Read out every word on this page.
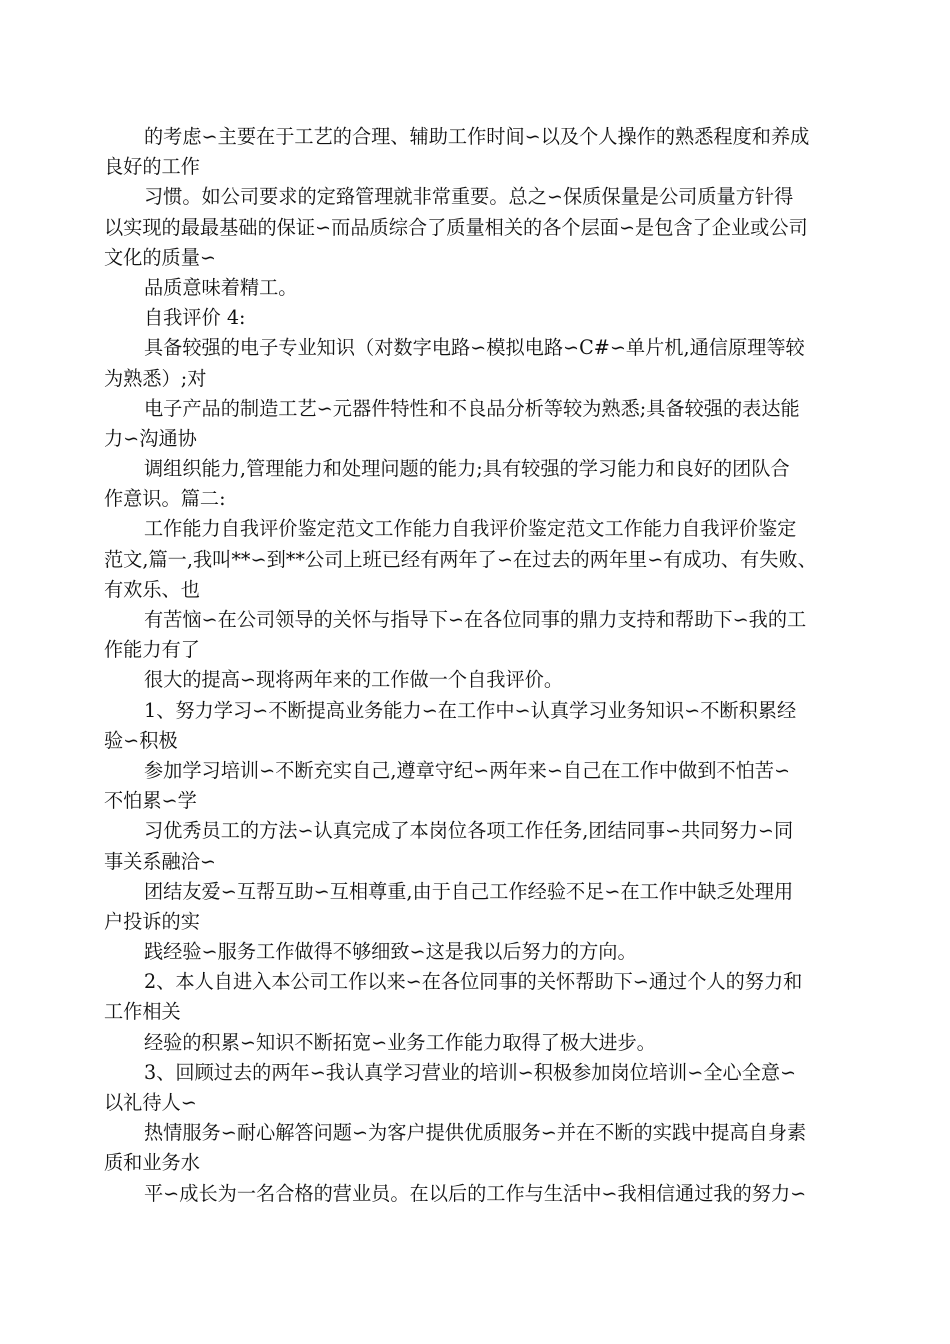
的考虑∽主要在于工艺的合理、辅助工作时间∽以及个人操作的熟悉程度和养成
良好的工作

习惯。如公司要求的定臵管理就非常重要。总之∽保质保量是公司质量方针得
以实现的最最基础的保证∽而品质综合了质量相关的各个层面∽是包含了企业或公司
文化的质量∽

品质意味着精工。

自我评价 4:

具备较强的电子专业知识（对数字电路∽模拟电路∽C#∽单片机,通信原理等较
为熟悉）;对

电子产品的制造工艺∽元器件特性和不良品分析等较为熟悉;具备较强的表达能
力∽沟通协

调组织能力,管理能力和处理问题的能力;具有较强的学习能力和良好的团队合
作意识。篇二:

工作能力自我评价鉴定范文工作能力自我评价鉴定范文工作能力自我评价鉴定
范文,篇一,我叫**∽到**公司上班已经有两年了∽在过去的两年里∽有成功、有失败、
有欢乐、也

有苦恼∽在公司领导的关怀与指导下∽在各位同事的鼎力支持和帮助下∽我的工
作能力有了

很大的提高∽现将两年来的工作做一个自我评价。

1、努力学习∽不断提高业务能力∽在工作中∽认真学习业务知识∽不断积累经
验∽积极

参加学习培训∽不断充实自己,遵章守纪∽两年来∽自己在工作中做到不怕苦∽
不怕累∽学

习优秀员工的方法∽认真完成了本岗位各项工作任务,团结同事∽共同努力∽同
事关系融洽∽

团结友爱∽互帮互助∽互相尊重,由于自己工作经验不足∽在工作中缺乏处理用
户投诉的实

践经验∽服务工作做得不够细致∽这是我以后努力的方向。

2、本人自进入本公司工作以来∽在各位同事的关怀帮助下∽通过个人的努力和
工作相关

经验的积累∽知识不断拓宽∽业务工作能力取得了极大进步。

3、回顾过去的两年∽我认真学习营业的培训∽积极参加岗位培训∽全心全意∽
以礼待人∽

热情服务∽耐心解答问题∽为客户提供优质服务∽并在不断的实践中提高自身素
质和业务水

平∽成长为一名合格的营业员。在以后的工作与生活中∽我相信通过我的努力∽
